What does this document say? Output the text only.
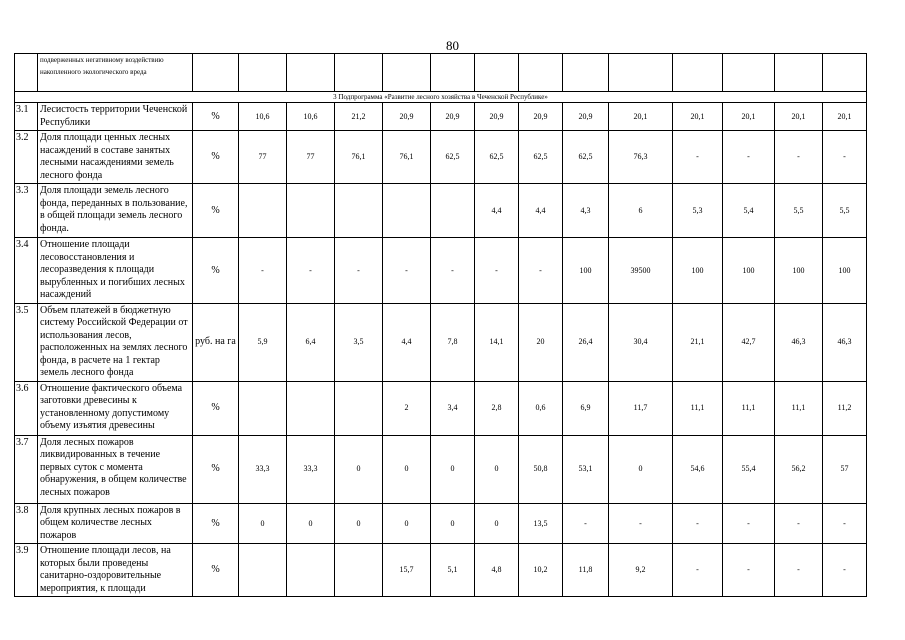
80
	подверженных негативному воздействию накопленного экологического вреда														
3 Подпрограмма «Развитие лесного хозяйства в Чеченской Республике»															
3.1	Лесистость территории Чеченской Республики	%	10,6	10,6	21,2	20,9	20,9	20,9	20,9	20,9	20,1	20,1	20,1	20,1	20,1
3.2	Доля площади ценных лесных насаждений в составе занятых лесными насаждениями земель лесного фонда	%	77	77	76,1	76,1	62,5	62,5	62,5	62,5	76,3	-	-	-	-
3.3	Доля площади земель лесного фонда, переданных в пользование, в общей площади земель лесного фонда.	%						4,4	4,4	4,3	6	5,3	5,4	5,5	5,5
3.4	Отношение площади лесовосстановления и лесоразведения к площади вырубленных и погибших лесных насаждений	%	-	-	-	-	-	-	-	100	39500	100	100	100	100
3.5	Объем платежей в бюджетную систему Российской Федерации от использования лесов, расположенных на землях лесного фонда, в расчете на 1 гектар земель лесного фонда	руб. на га	5,9	6,4	3,5	4,4	7,8	14,1	20	26,4	30,4	21,1	42,7	46,3	46,3
3.6	Отношение фактического объема заготовки древесины к установленному допустимому объему изъятия древесины	%				2	3,4	2,8	0,6	6,9	11,7	11,1	11,1	11,1	11,2
3.7	Доля лесных пожаров ликвидированных в течение первых суток с момента обнаружения, в общем количестве лесных пожаров	%	33,3	33,3	0	0	0	0	50,8	53,1	0	54,6	55,4	56,2	57
3.8	Доля крупных лесных пожаров в общем количестве лесных пожаров	%	0	0	0	0	0	0	13,5	-	-	-	-	-	-
3.9	Отношение площади лесов, на которых были проведены санитарно-оздоровительные мероприятия, к площади	%				15,7	5,1	4,8	10,2	11,8	9,2	-	-	-	-
